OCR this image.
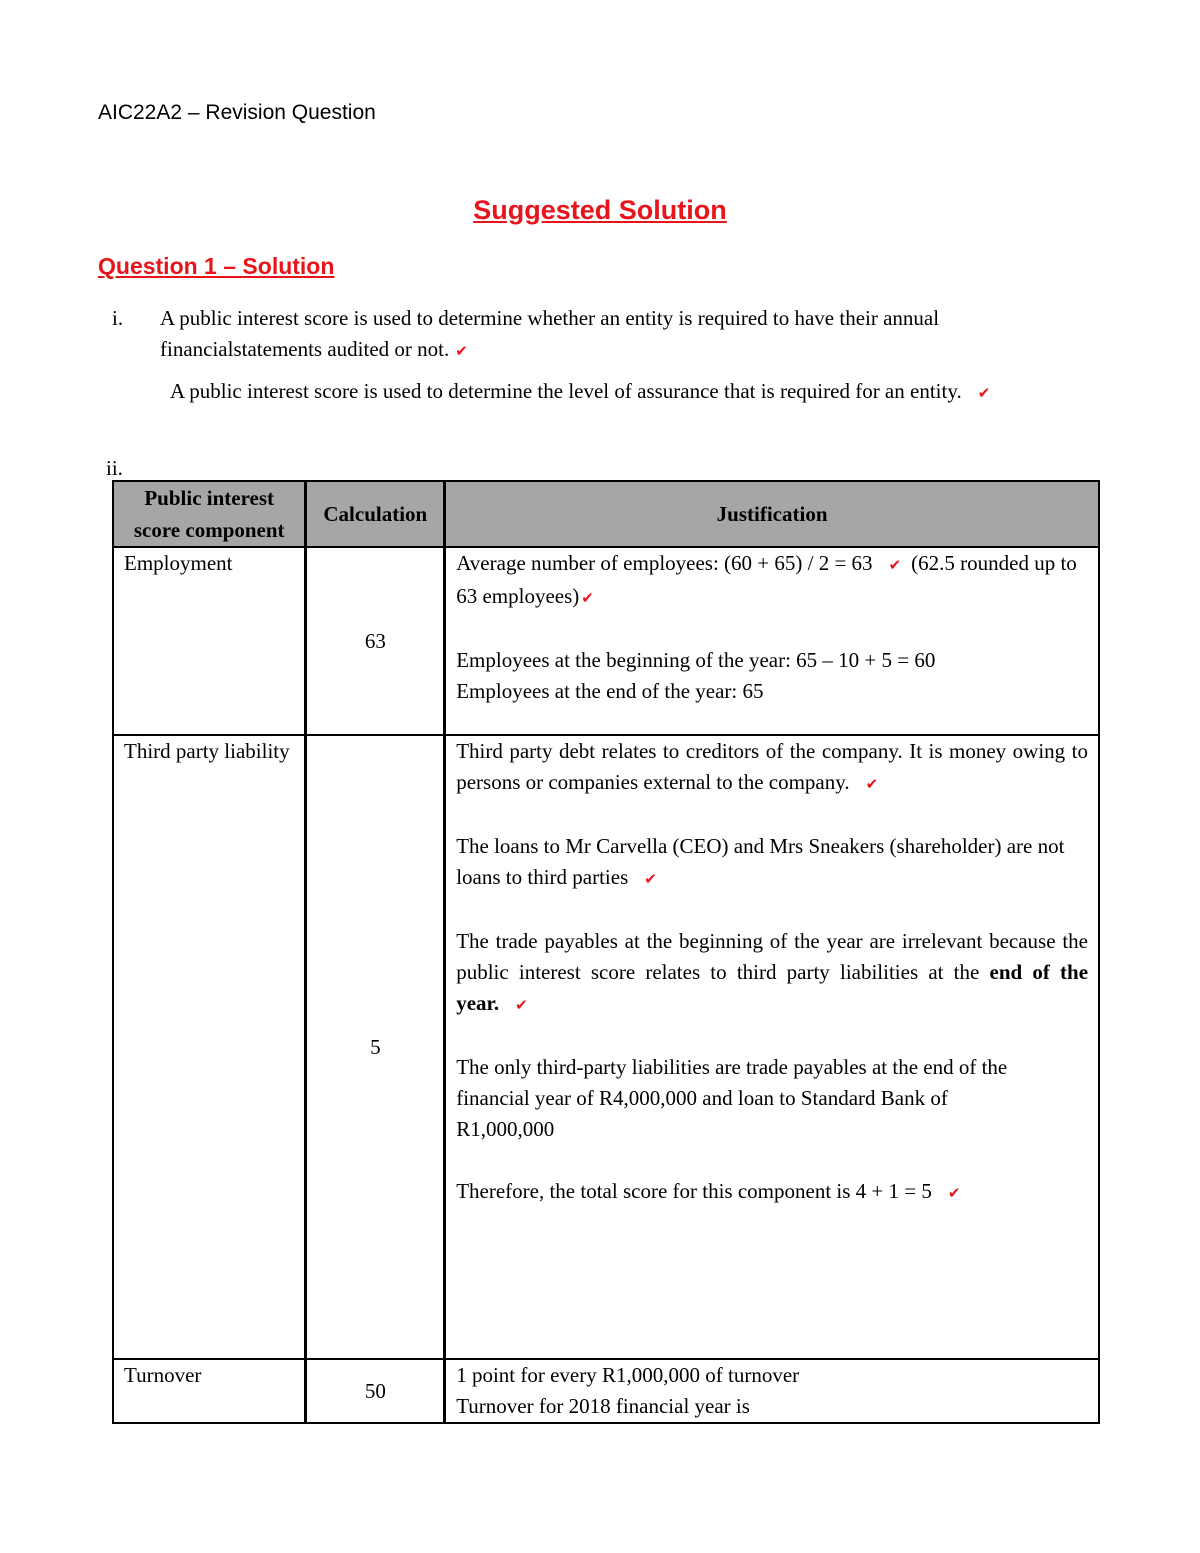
AIC22A2 – Revision Question
Suggested Solution
Question 1 – Solution
i. A public interest score is used to determine whether an entity is required to have their annual
financialstatements audited or not. ✔
A public interest score is used to determine the level of assurance that is required for an entity. ✔
ii.
Public interest score component	Calculation	Justification
Employment	63	Average number of employees: (60 + 65) / 2 = 63 ✔ (62.5 rounded up to 63 employees) ✔
Employees at the beginning of the year: 65 – 10 + 5 = 60
Employees at the end of the year: 65

Third party liability	5	Third party debt relates to creditors of the company. It is money owing to persons or companies external to the company. ✔
The loans to Mr Carvella (CEO) and Mrs Sneakers (shareholder) are not loans to third parties ✔
The trade payables at the beginning of the year are irrelevant because the public interest score relates to third party liabilities at the end of the year. ✔
The only third-party liabilities are trade payables at the end of the financial year of R4,000,000 and loan to Standard Bank of R1,000,000
Therefore, the total score for this component is 4 + 1 = 5 ✔

Turnover	50	1 point for every R1,000,000 of turnover
Turnover for 2018 financial year is
